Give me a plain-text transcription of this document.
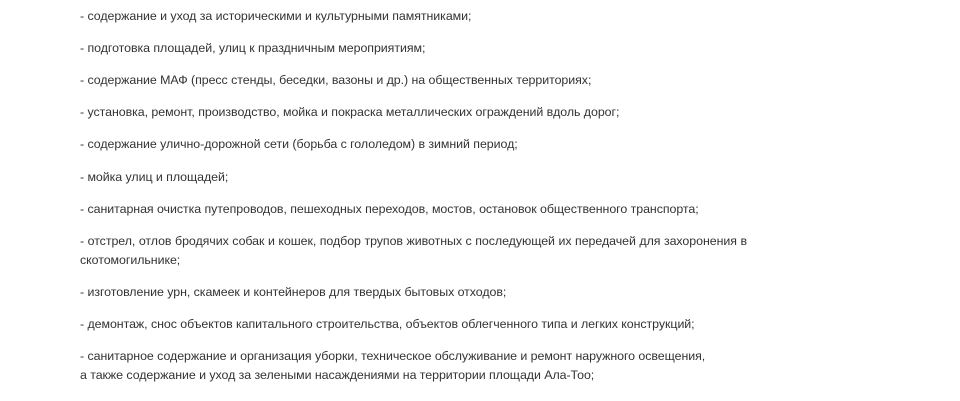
- содержание и уход за историческими и культурными памятниками;

- подготовка площадей, улиц к праздничным мероприятиям;

- содержание МАФ (пресс стенды, беседки, вазоны и др.) на общественных территориях;

- установка, ремонт, производство, мойка и покраска металлических ограждений вдоль дорог;

- содержание улично-дорожной сети (борьба с гололедом) в зимний период;

- мойка улиц и площадей;

- санитарная очистка путепроводов, пешеходных переходов, мостов, остановок общественного транспорта;

- отстрел, отлов бродячих собак и кошек, подбор трупов животных с последующей их передачей для захоронения в скотомогильнике;

- изготовление урн, скамеек и контейнеров для твердых бытовых отходов;

- демонтаж, снос объектов капитального строительства, объектов облегченного типа и легких конструкций;

- санитарное содержание и организация уборки, техническое обслуживание и ремонт наружного освещения,

а также содержание и уход за зелеными насаждениями на территории площади Ала-Тоо;
